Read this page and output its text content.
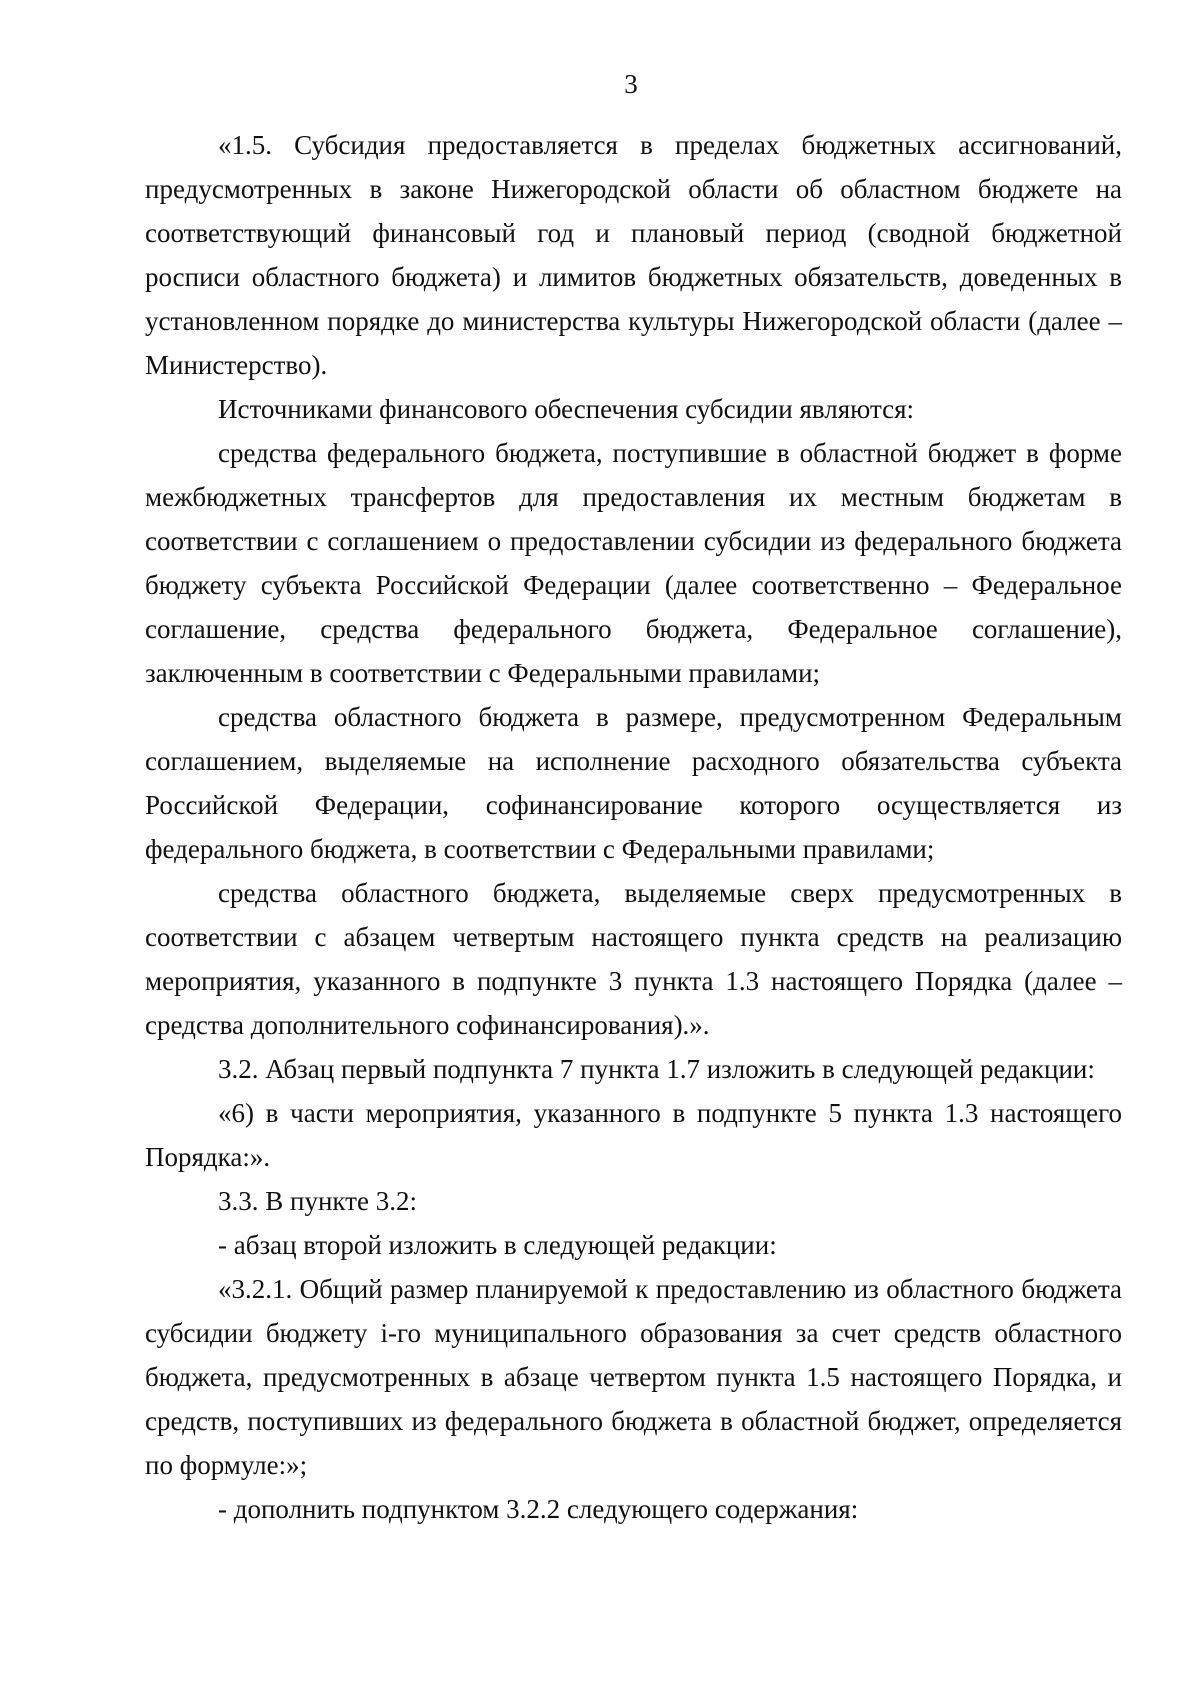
3

«1.5. Субсидия предоставляется в пределах бюджетных ассигнований, предусмотренных в законе Нижегородской области об областном бюджете на соответствующий финансовый год и плановый период (сводной бюджетной росписи областного бюджета) и лимитов бюджетных обязательств, доведенных в установленном порядке до министерства культуры Нижегородской области (далее – Министерство).

Источниками финансового обеспечения субсидии являются:

средства федерального бюджета, поступившие в областной бюджет в форме межбюджетных трансфертов для предоставления их местным бюджетам в соответствии с соглашением о предоставлении субсидии из федерального бюджета бюджету субъекта Российской Федерации (далее соответственно – Федеральное соглашение, средства федерального бюджета, Федеральное соглашение), заключенным в соответствии с Федеральными правилами;

средства областного бюджета в размере, предусмотренном Федеральным соглашением, выделяемые на исполнение расходного обязательства субъекта Российской Федерации, софинансирование которого осуществляется из федерального бюджета, в соответствии с Федеральными правилами;

средства областного бюджета, выделяемые сверх предусмотренных в соответствии с абзацем четвертым настоящего пункта средств на реализацию мероприятия, указанного в подпункте 3 пункта 1.3 настоящего Порядка (далее – средства дополнительного софинансирования).».

3.2. Абзац первый подпункта 7 пункта 1.7 изложить в следующей редакции:

«6) в части мероприятия, указанного в подпункте 5 пункта 1.3 настоящего Порядка:».

3.3. В пункте 3.2:

- абзац второй изложить в следующей редакции:

«3.2.1. Общий размер планируемой к предоставлению из областного бюджета субсидии бюджету i-го муниципального образования за счет средств областного бюджета, предусмотренных в абзаце четвертом пункта 1.5 настоящего Порядка, и средств, поступивших из федерального бюджета в областной бюджет, определяется по формуле:»;

- дополнить подпунктом 3.2.2 следующего содержания:
